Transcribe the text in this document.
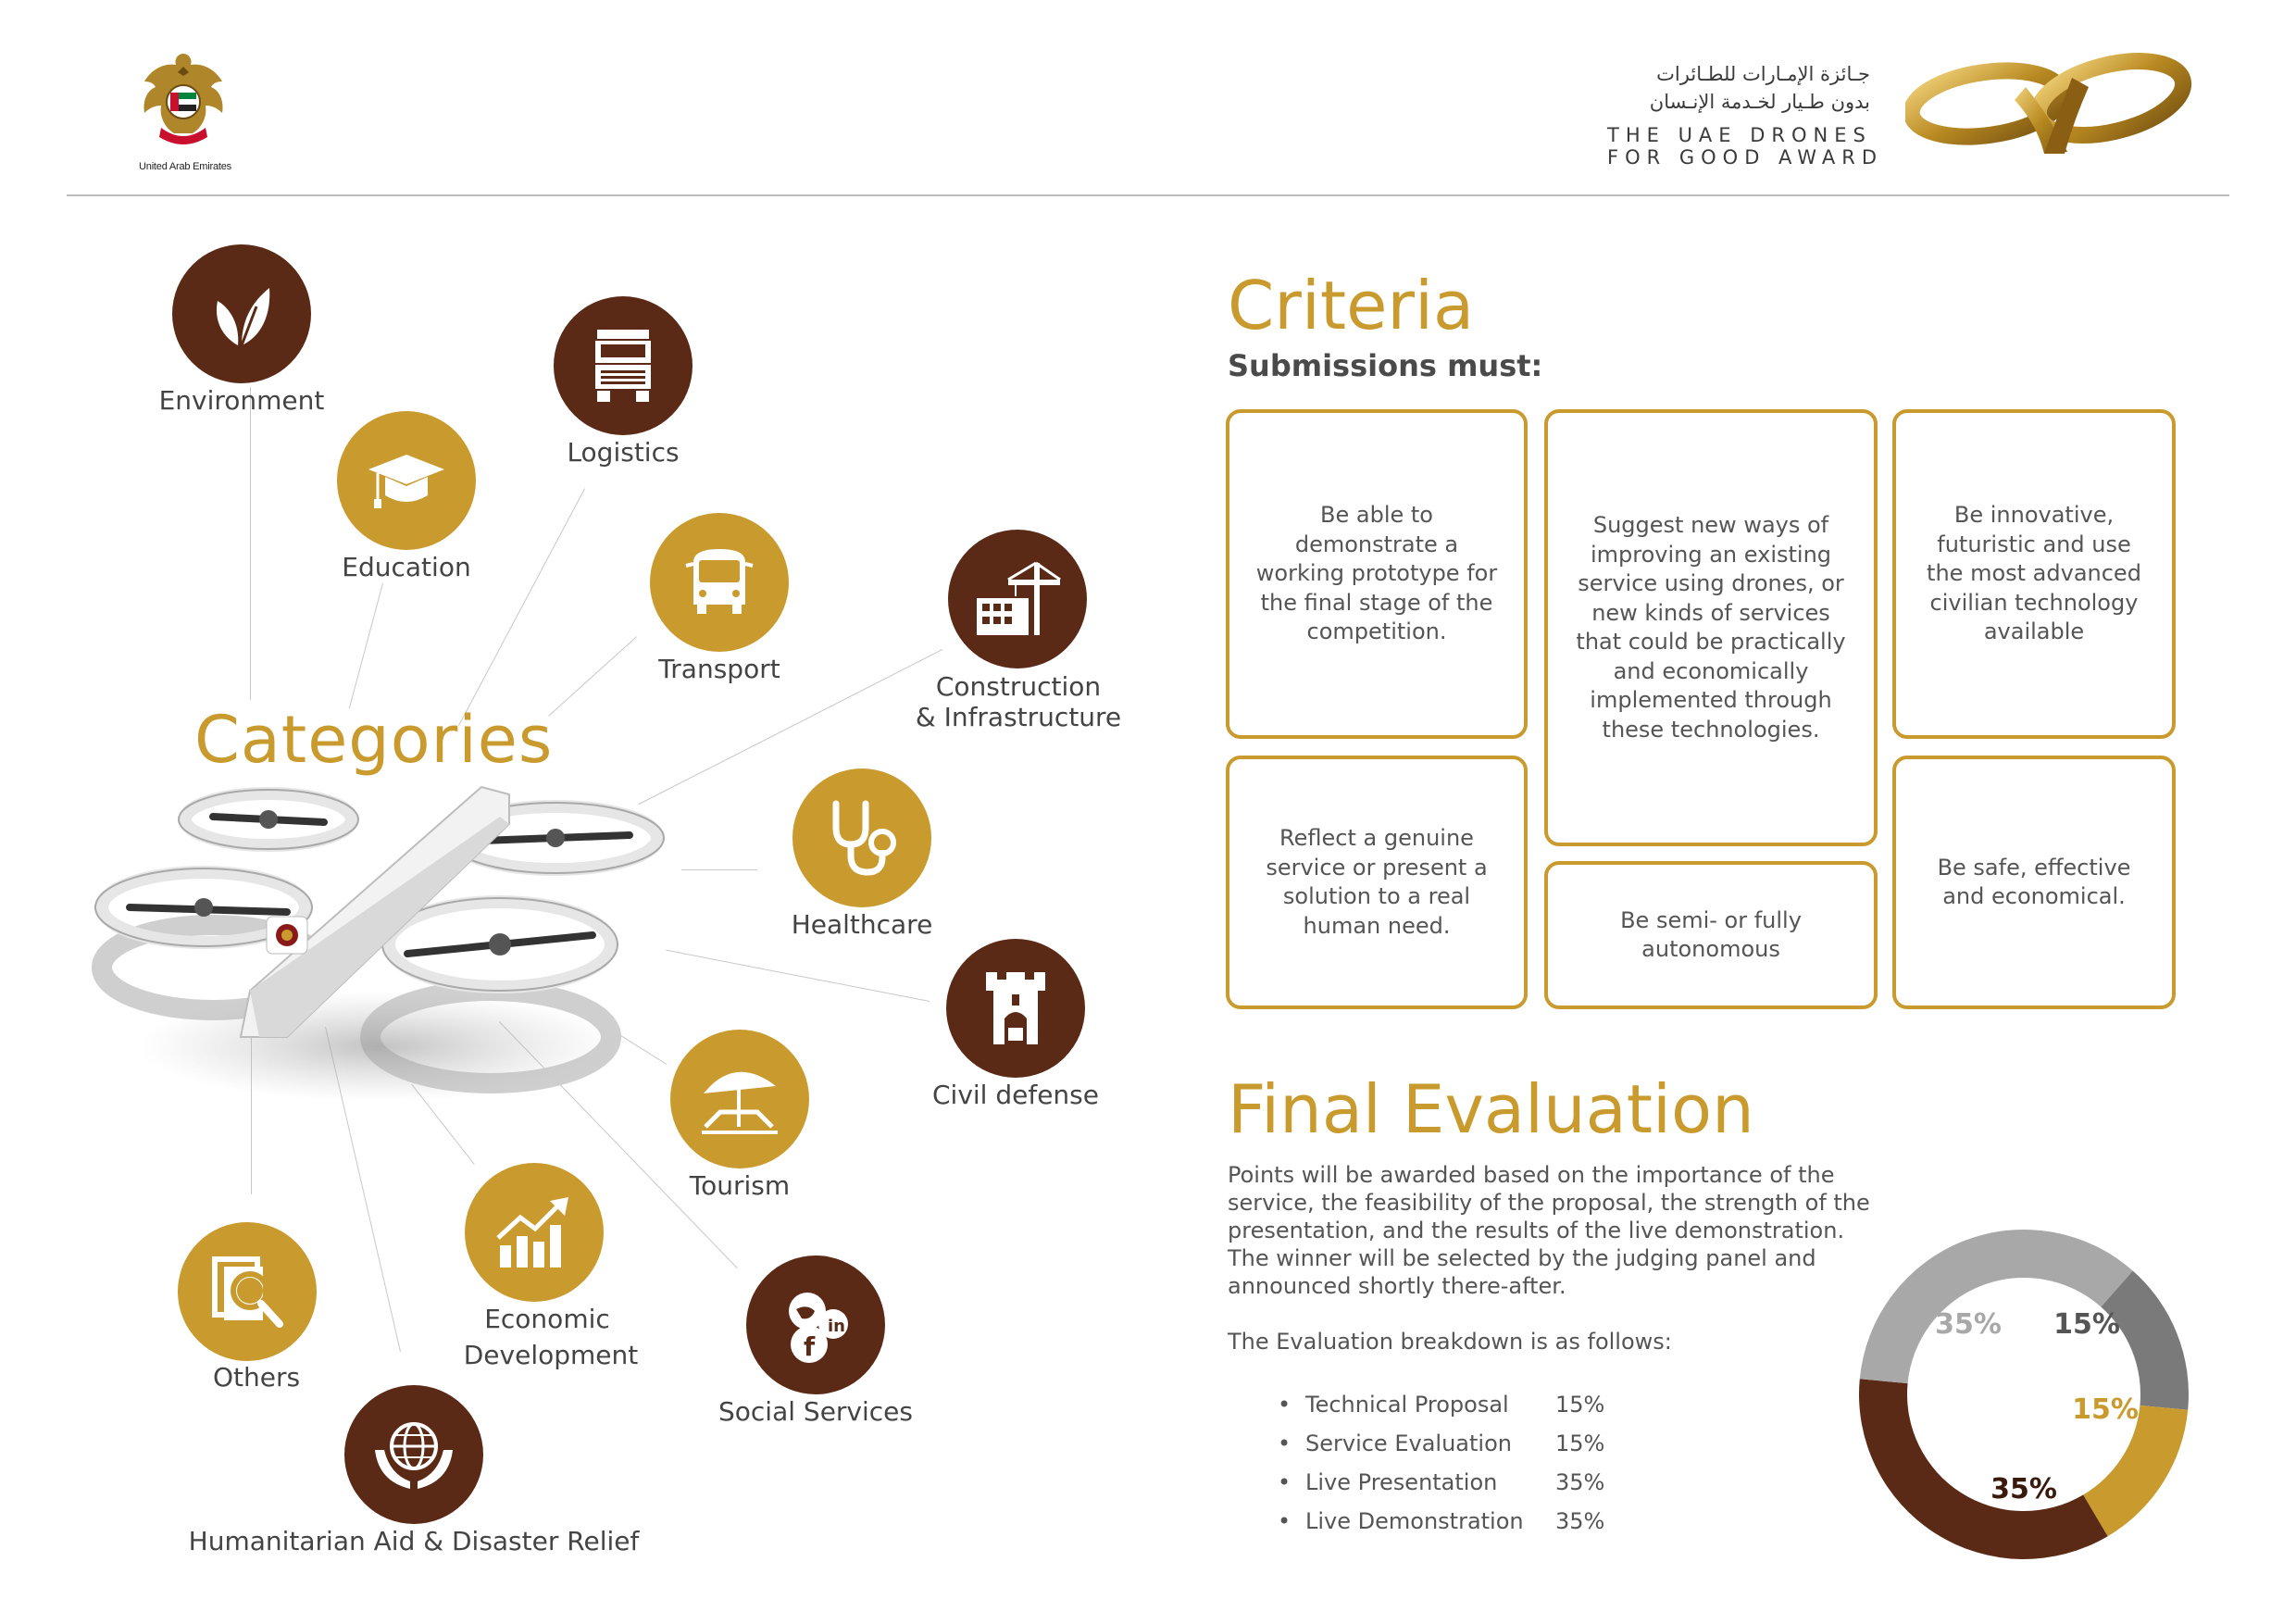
United Arab Emirates
جـائزة الإمـارات للطـائرات
بدون طـيار لخـدمة الإنـسان
THE UAE DRONES
FOR GOOD AWARD
Categories
Environment
Education
Logistics
Transport
Construction
& Infrastructure
Healthcare
Civil defense
Tourism
Economic
Development
in
f
Social Services
Others
Humanitarian Aid & Disaster Relief
Criteria
Submissions must:
Be able to demonstrate a working prototype for the final stage of the competition.
Suggest new ways of improving an existing service using drones, or new kinds of services that could be practically and economically implemented through these technologies.
Be innovative, futuristic and use the most advanced civilian technology available
Reflect a genuine service or present a solution to a real human need.	Be semi- or fully autonomous
Be safe, effective and economical.
Final Evaluation
Points will be awarded based on the importance of the service, the feasibility of the proposal, the strength of the presentation, and the results of the live demonstration. The winner will be selected by the judging panel and announced shortly there-after.
The Evaluation breakdown is as follows:
• Technical Proposal 15%
• Service Evaluation 15%
• Live Presentation	35%
• Live Demonstration 35%
15%
15%
35%
35%
